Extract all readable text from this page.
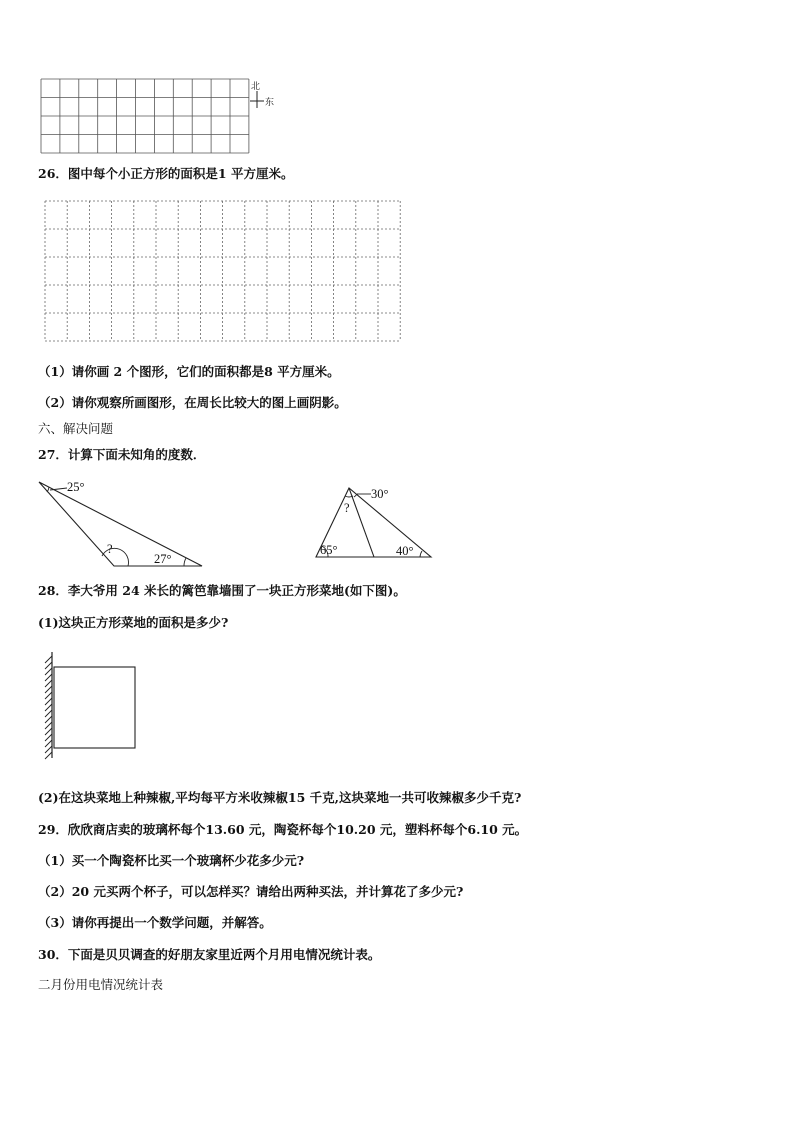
北
东
26．图中每个小正方形的面积是1 平方厘米。
（1）请你画 2 个图形，它们的面积都是8 平方厘米。
（2）请你观察所画图形，在周长比较大的图上画阴影。
六、解决问题
27．计算下面未知角的度数．
25°
?
27°
30°
?
65°	40°
28．李大爷用 24 米长的篱笆靠墙围了一块正方形菜地(如下图)。
(1)这块正方形菜地的面积是多少?
(2)在这块菜地上种辣椒,平均每平方米收辣椒15 千克,这块菜地一共可收辣椒多少千克?
29．欣欣商店卖的玻璃杯每个13.60 元，陶瓷杯每个10.20 元，塑料杯每个6.10 元。
（1）买一个陶瓷杯比买一个玻璃杯少花多少元?
（2）20 元买两个杯子，可以怎样买？请给出两种买法，并计算花了多少元?
（3）请你再提出一个数学问题，并解答。
30．下面是贝贝调查的好朋友家里近两个月用电情况统计表。
二月份用电情况统计表
